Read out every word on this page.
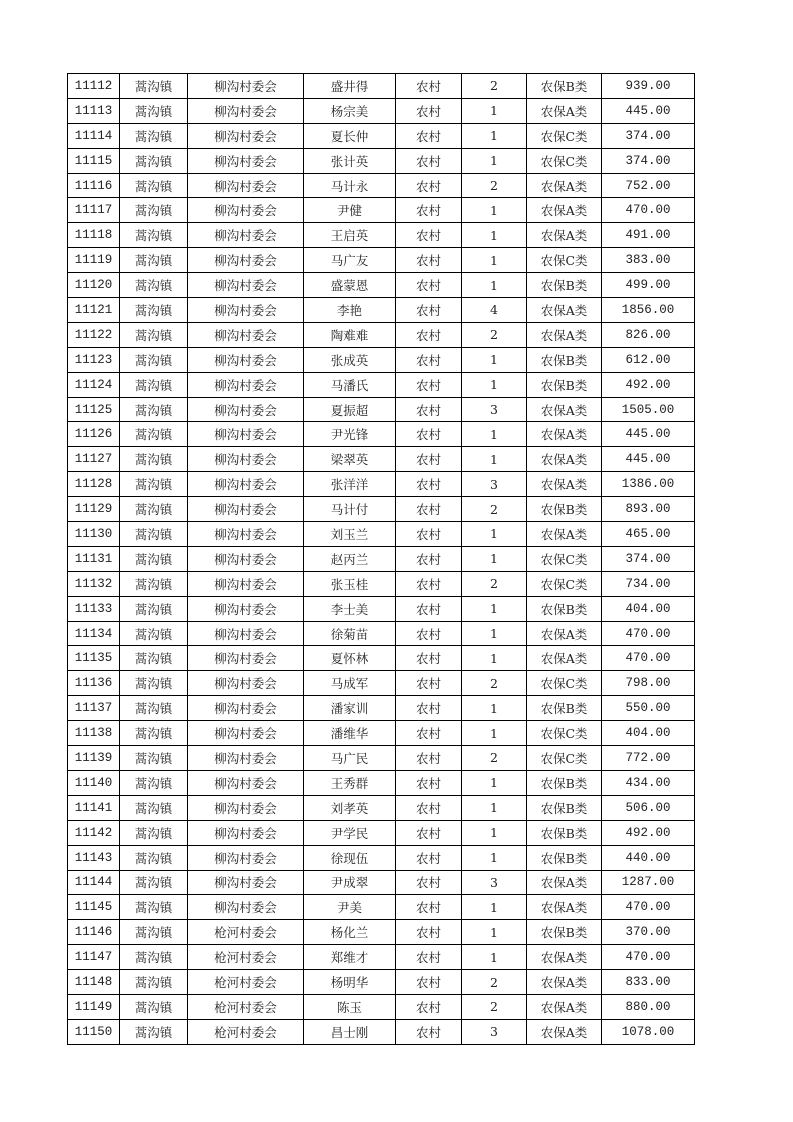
11112	蒿沟镇	柳沟村委会	盛井得	农村	2	农保B类	939.00
11113	蒿沟镇	柳沟村委会	杨宗美	农村	1	农保A类	445.00
11114	蒿沟镇	柳沟村委会	夏长仲	农村	1	农保C类	374.00
11115	蒿沟镇	柳沟村委会	张计英	农村	1	农保C类	374.00
11116	蒿沟镇	柳沟村委会	马计永	农村	2	农保A类	752.00
11117	蒿沟镇	柳沟村委会	尹健	农村	1	农保A类	470.00
11118	蒿沟镇	柳沟村委会	王启英	农村	1	农保A类	491.00
11119	蒿沟镇	柳沟村委会	马广友	农村	1	农保C类	383.00
11120	蒿沟镇	柳沟村委会	盛蒙恩	农村	1	农保B类	499.00
11121	蒿沟镇	柳沟村委会	李艳	农村	4	农保A类	1856.00
11122	蒿沟镇	柳沟村委会	陶难难	农村	2	农保A类	826.00
11123	蒿沟镇	柳沟村委会	张成英	农村	1	农保B类	612.00
11124	蒿沟镇	柳沟村委会	马潘氏	农村	1	农保B类	492.00
11125	蒿沟镇	柳沟村委会	夏振超	农村	3	农保A类	1505.00
11126	蒿沟镇	柳沟村委会	尹光锋	农村	1	农保A类	445.00
11127	蒿沟镇	柳沟村委会	梁翠英	农村	1	农保A类	445.00
11128	蒿沟镇	柳沟村委会	张洋洋	农村	3	农保A类	1386.00
11129	蒿沟镇	柳沟村委会	马计付	农村	2	农保B类	893.00
11130	蒿沟镇	柳沟村委会	刘玉兰	农村	1	农保A类	465.00
11131	蒿沟镇	柳沟村委会	赵丙兰	农村	1	农保C类	374.00
11132	蒿沟镇	柳沟村委会	张玉桂	农村	2	农保C类	734.00
11133	蒿沟镇	柳沟村委会	李士美	农村	1	农保B类	404.00
11134	蒿沟镇	柳沟村委会	徐菊苗	农村	1	农保A类	470.00
11135	蒿沟镇	柳沟村委会	夏怀林	农村	1	农保A类	470.00
11136	蒿沟镇	柳沟村委会	马成军	农村	2	农保C类	798.00
11137	蒿沟镇	柳沟村委会	潘家训	农村	1	农保B类	550.00
11138	蒿沟镇	柳沟村委会	潘维华	农村	1	农保C类	404.00
11139	蒿沟镇	柳沟村委会	马广民	农村	2	农保C类	772.00
11140	蒿沟镇	柳沟村委会	王秀群	农村	1	农保B类	434.00
11141	蒿沟镇	柳沟村委会	刘孝英	农村	1	农保B类	506.00
11142	蒿沟镇	柳沟村委会	尹学民	农村	1	农保B类	492.00
11143	蒿沟镇	柳沟村委会	徐现伍	农村	1	农保B类	440.00
11144	蒿沟镇	柳沟村委会	尹成翠	农村	3	农保A类	1287.00
11145	蒿沟镇	柳沟村委会	尹美	农村	1	农保A类	470.00
11146	蒿沟镇	枪河村委会	杨化兰	农村	1	农保B类	370.00
11147	蒿沟镇	枪河村委会	郑维才	农村	1	农保A类	470.00
11148	蒿沟镇	枪河村委会	杨明华	农村	2	农保A类	833.00
11149	蒿沟镇	枪河村委会	陈玉	农村	2	农保A类	880.00
11150	蒿沟镇	枪河村委会	昌士刚	农村	3	农保A类	1078.00
